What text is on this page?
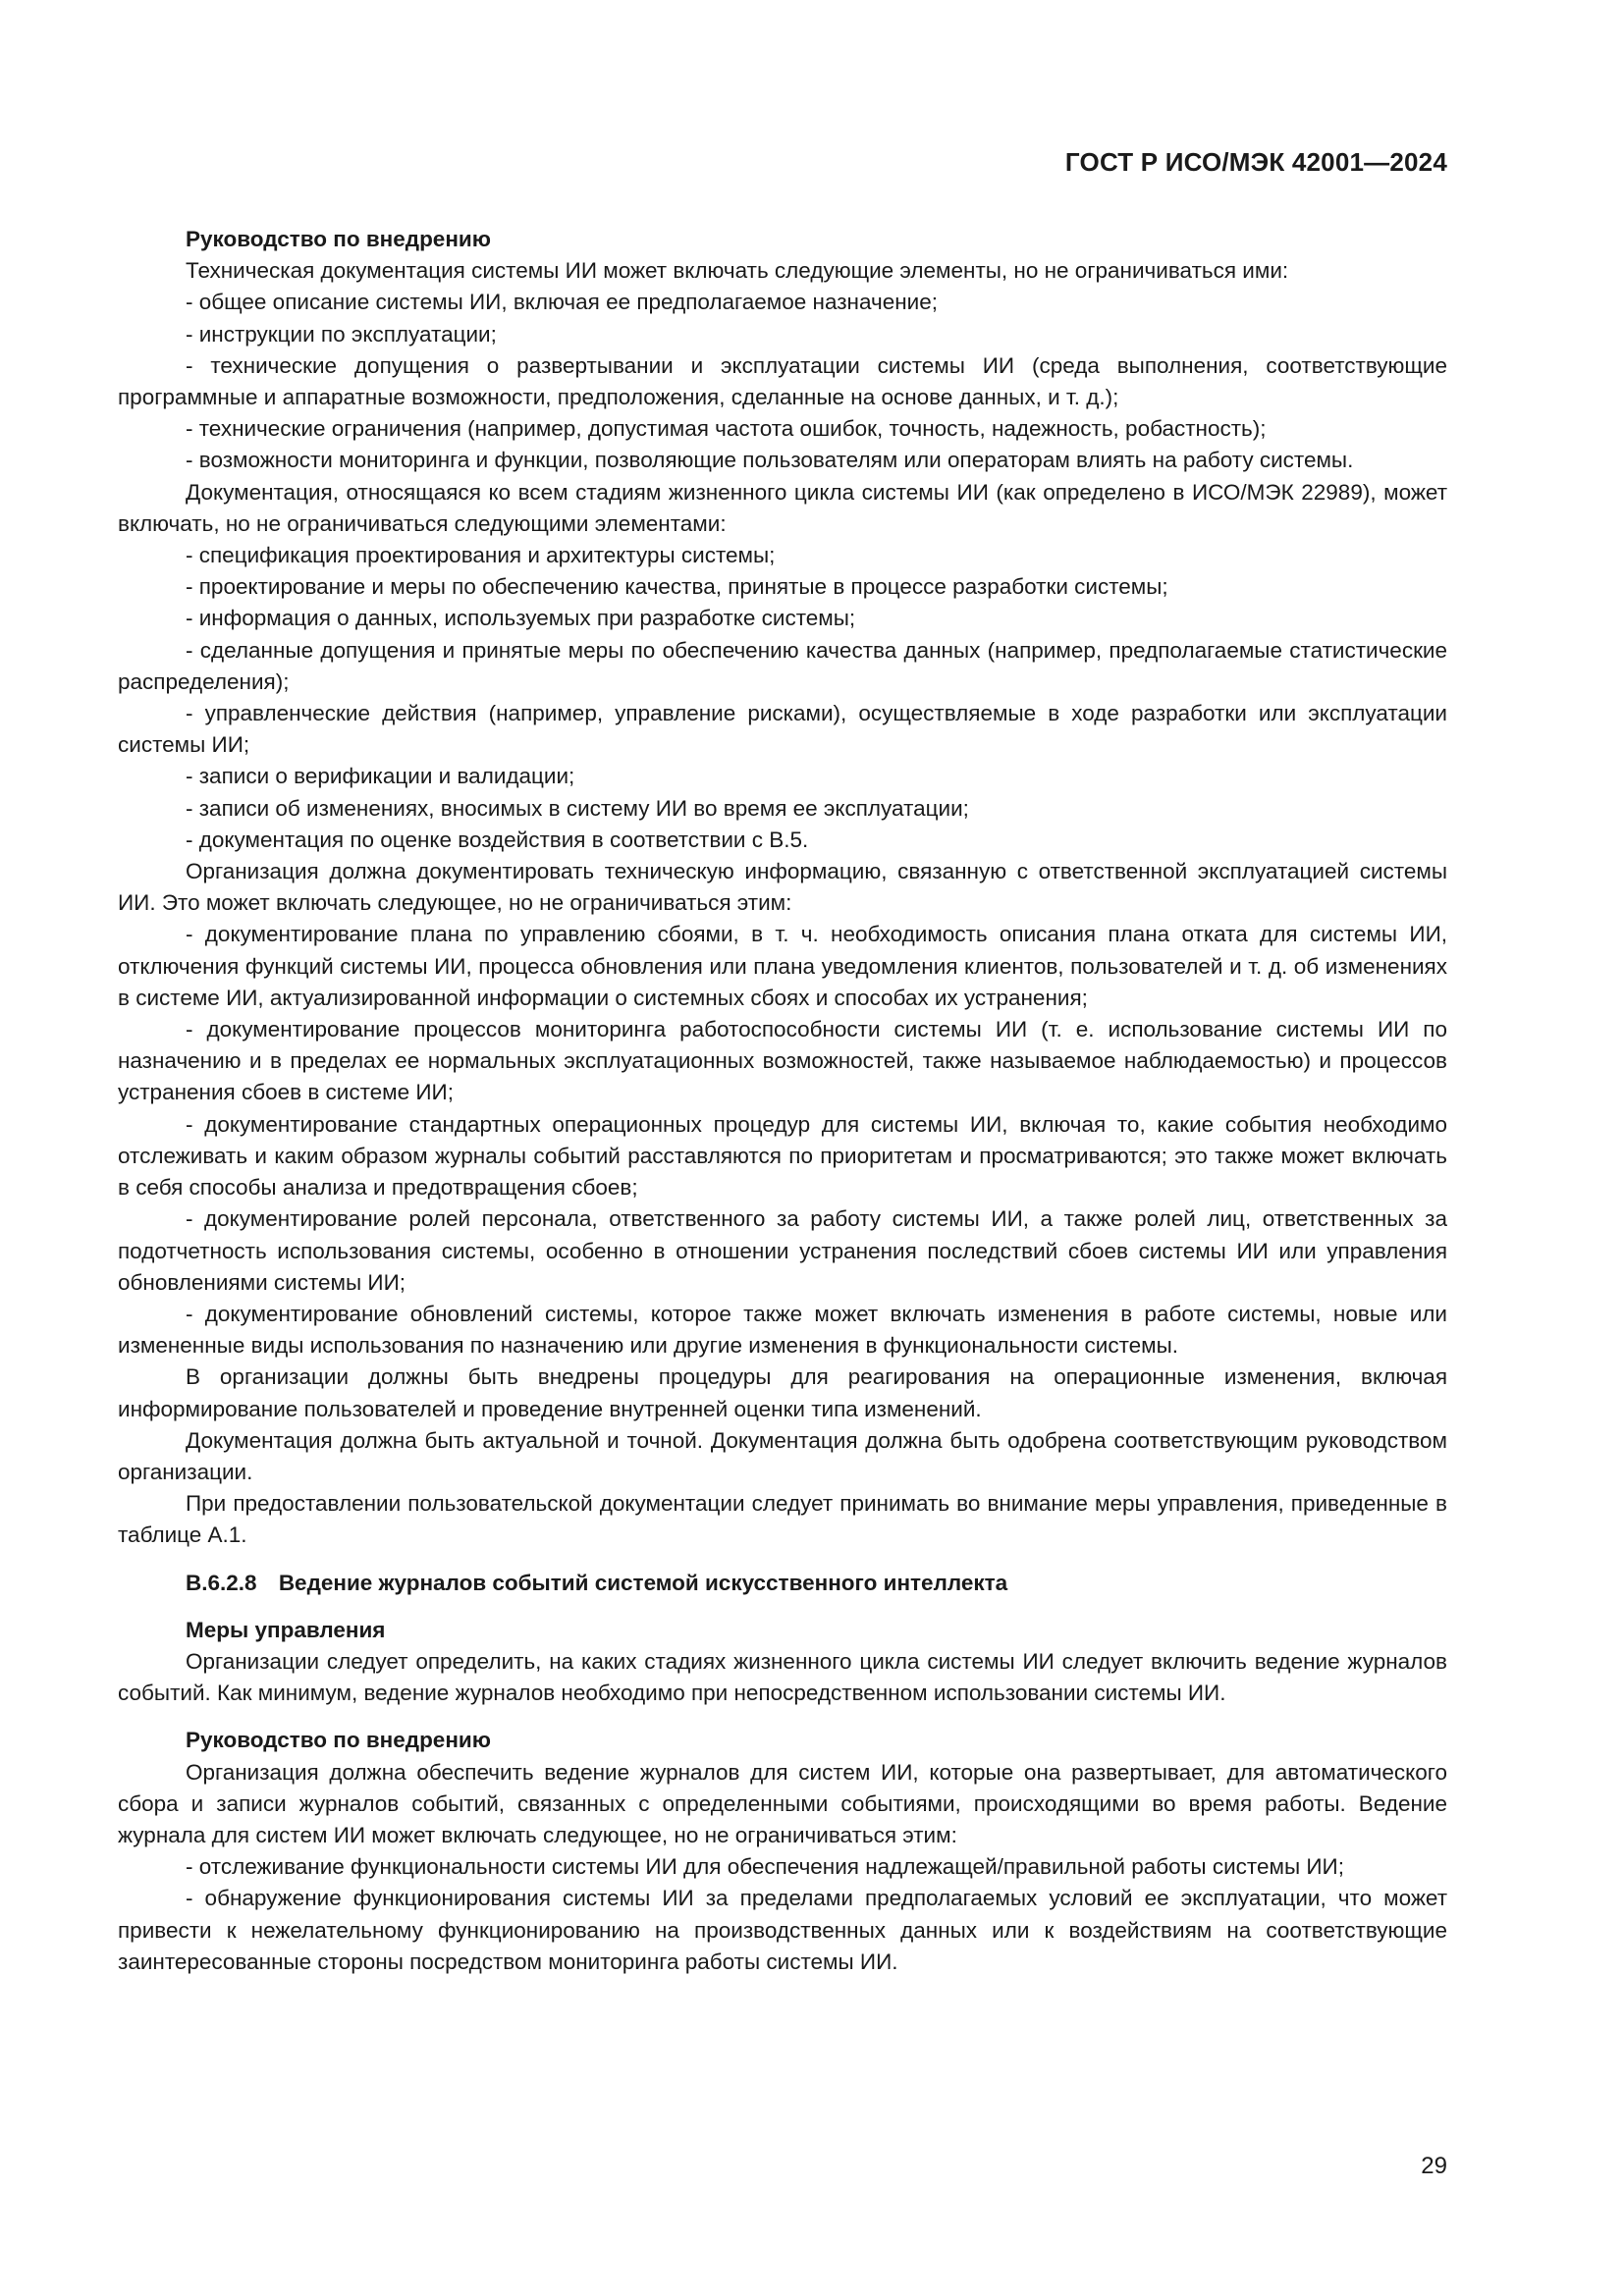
ГОСТ Р ИСО/МЭК 42001—2024
Руководство по внедрению

Техническая документация системы ИИ может включать следующие элементы, но не ограничиваться ими:

- общее описание системы ИИ, включая ее предполагаемое назначение;

- инструкции по эксплуатации;

- технические допущения о развертывании и эксплуатации системы ИИ (среда выполнения, соответствующие программные и аппаратные возможности, предположения, сделанные на основе данных, и т. д.);

- технические ограничения (например, допустимая частота ошибок, точность, надежность, робастность);

- возможности мониторинга и функции, позволяющие пользователям или операторам влиять на работу системы.

Документация, относящаяся ко всем стадиям жизненного цикла системы ИИ (как определено в ИСО/МЭК 22989), может включать, но не ограничиваться следующими элементами:

- спецификация проектирования и архитектуры системы;

- проектирование и меры по обеспечению качества, принятые в процессе разработки системы;

- информация о данных, используемых при разработке системы;

- сделанные допущения и принятые меры по обеспечению качества данных (например, предполагаемые статистические распределения);

- управленческие действия (например, управление рисками), осуществляемые в ходе разработки или эксплуатации системы ИИ;

- записи о верификации и валидации;

- записи об изменениях, вносимых в систему ИИ во время ее эксплуатации;

- документация по оценке воздействия в соответствии с В.5.

Организация должна документировать техническую информацию, связанную с ответственной эксплуатацией системы ИИ. Это может включать следующее, но не ограничиваться этим:

- документирование плана по управлению сбоями, в т. ч. необходимость описания плана отката для системы ИИ, отключения функций системы ИИ, процесса обновления или плана уведомления клиентов, пользователей и т. д. об изменениях в системе ИИ, актуализированной информации о системных сбоях и способах их устранения;

- документирование процессов мониторинга работоспособности системы ИИ (т. е. использование системы ИИ по назначению и в пределах ее нормальных эксплуатационных возможностей, также называемое наблюдаемостью) и процессов устранения сбоев в системе ИИ;

- документирование стандартных операционных процедур для системы ИИ, включая то, какие события необходимо отслеживать и каким образом журналы событий расставляются по приоритетам и просматриваются; это также может включать в себя способы анализа и предотвращения сбоев;

- документирование ролей персонала, ответственного за работу системы ИИ, а также ролей лиц, ответственных за подотчетность использования системы, особенно в отношении устранения последствий сбоев системы ИИ или управления обновлениями системы ИИ;

- документирование обновлений системы, которое также может включать изменения в работе системы, новые или измененные виды использования по назначению или другие изменения в функциональности системы.

В организации должны быть внедрены процедуры для реагирования на операционные изменения, включая информирование пользователей и проведение внутренней оценки типа изменений.

Документация должна быть актуальной и точной. Документация должна быть одобрена соответствующим руководством организации.

При предоставлении пользовательской документации следует принимать во внимание меры управления, приведенные в таблице А.1.

В.6.2.8 Ведение журналов событий системой искусственного интеллекта
Меры управления

Организации следует определить, на каких стадиях жизненного цикла системы ИИ следует включить ведение журналов событий. Как минимум, ведение журналов необходимо при непосредственном использовании системы ИИ.

Руководство по внедрению

Организация должна обеспечить ведение журналов для систем ИИ, которые она развертывает, для автоматического сбора и записи журналов событий, связанных с определенными событиями, происходящими во время работы. Ведение журнала для систем ИИ может включать следующее, но не ограничиваться этим:

- отслеживание функциональности системы ИИ для обеспечения надлежащей/правильной работы системы ИИ;

- обнаружение функционирования системы ИИ за пределами предполагаемых условий ее эксплуатации, что может привести к нежелательному функционированию на производственных данных или к воздействиям на соответствующие заинтересованные стороны посредством мониторинга работы системы ИИ.

29
